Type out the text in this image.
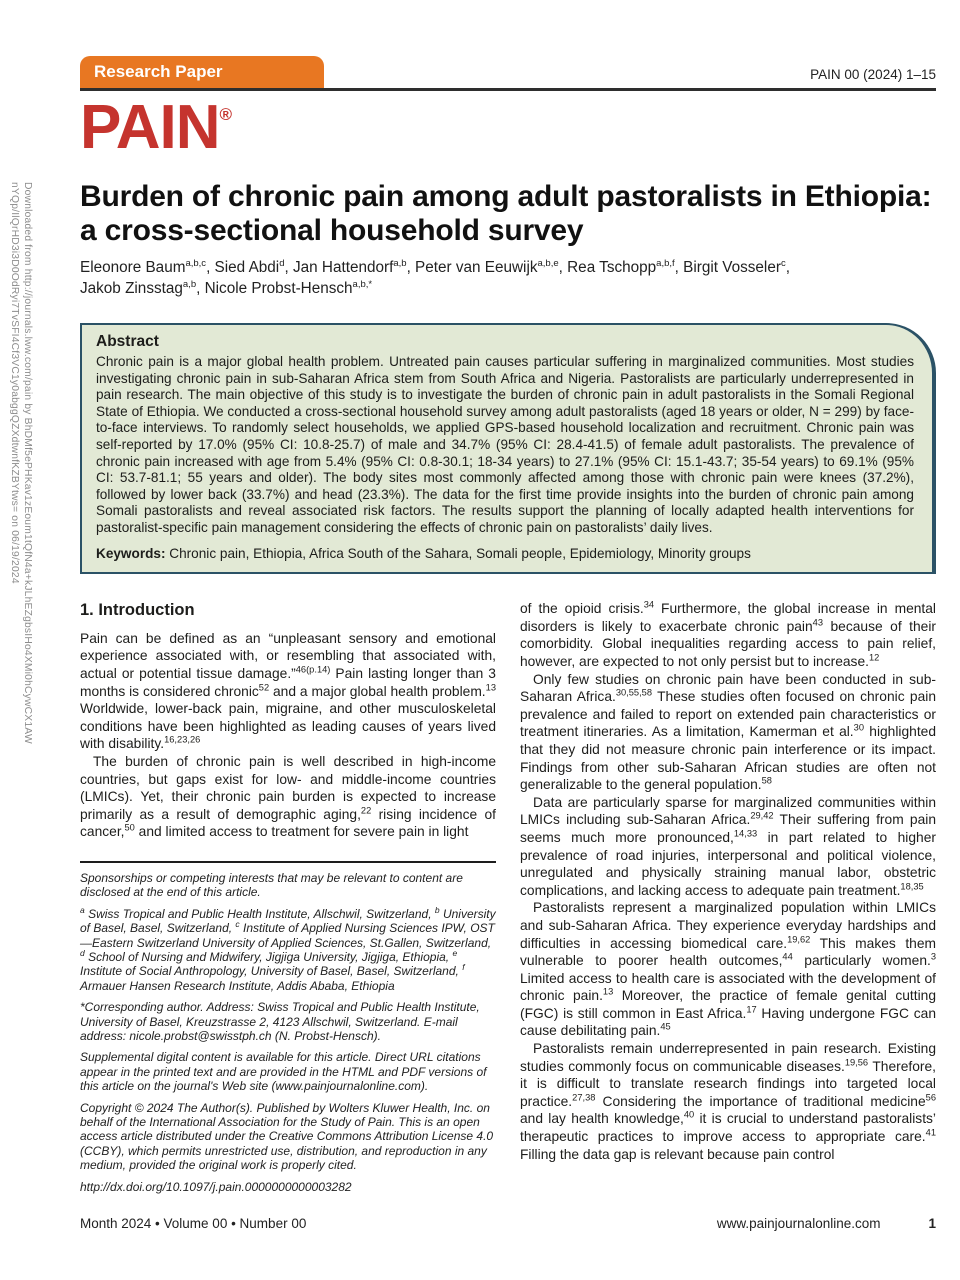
Downloaded from http://journals.lww.com/pain by BhDMf5ePHKav1zEoum1tQfN4a+kJLhEZgbsIHo4XMi0hCywCX1AW
nYQp/IlQrHD3i3D0OdRyi7TvSFI4Cf3VC1y0abggQZXdtwnfKZBYtws= on 06/19/2024
Research Paper	PAIN 00 (2024) 1–15
PAIN®
Burden of chronic pain among adult pastoralists in Ethiopia: a cross-sectional household survey
Eleonore Baum$^{a,b,c}$, Sied Abdi$^d$, Jan Hattendorf$^{a,b}$, Peter van Eeuwijk$^{a,b,e}$, Rea Tschopp$^{a,b,f}$, Birgit Vosseler$^c$,
Jakob Zinsstag$^{a,b}$, Nicole Probst-Hensch$^{a,b,*}$

Abstract

Chronic pain is a major global health problem. Untreated pain causes particular suffering in marginalized communities. Most studies investigating chronic pain in sub-Saharan Africa stem from South Africa and Nigeria. Pastoralists are particularly underrepresented in pain research. The main objective of this study is to investigate the burden of chronic pain in adult pastoralists in the Somali Regional State of Ethiopia. We conducted a cross-sectional household survey among adult pastoralists (aged 18 years or older, N = 299) by face-to-face interviews. To randomly select households, we applied GPS-based household localization and recruitment. Chronic pain was self-reported by 17.0% (95% CI: 10.8-25.7) of male and 34.7% (95% CI: 28.4-41.5) of female adult pastoralists. The prevalence of chronic pain increased with age from 5.4% (95% CI: 0.8-30.1; 18-34 years) to 27.1% (95% CI: 15.1-43.7; 35-54 years) to 69.1% (95% CI: 53.7-81.1; 55 years and older). The body sites most commonly affected among those with chronic pain were knees (37.2%), followed by lower back (33.7%) and head (23.3%). The data for the first time provide insights into the burden of chronic pain among Somali pastoralists and reveal associated risk factors. The results support the planning of locally adapted health interventions for pastoralist-specific pain management considering the effects of chronic pain on pastoralists’ daily lives.

Keywords: Chronic pain, Ethiopia, Africa South of the Sahara, Somali people, Epidemiology, Minority groups

1. Introduction

Pain can be defined as an “unpleasant sensory and emotional experience associated with, or resembling that associated with, actual or potential tissue damage.”$^{46(p.14)}$ Pain lasting longer than 3 months is considered chronic$^{52}$ and a major global health problem.$^{13}$ Worldwide, lower-back pain, migraine, and other musculoskeletal conditions have been highlighted as leading causes of years lived with disability.$^{16,23,26}$

The burden of chronic pain is well described in high-income countries, but gaps exist for low- and middle-income countries (LMICs). Yet, their chronic pain burden is expected to increase primarily as a result of demographic aging,$^{22}$ rising incidence of cancer,$^{50}$ and limited access to treatment for severe pain in light

Sponsorships or competing interests that may be relevant to content are disclosed at the end of this article.

$^a$ Swiss Tropical and Public Health Institute, Allschwil, Switzerland, $^b$ University of Basel, Basel, Switzerland, $^c$ Institute of Applied Nursing Sciences IPW, OST—Eastern Switzerland University of Applied Sciences, St.Gallen, Switzerland, $^d$ School of Nursing and Midwifery, Jigjiga University, Jigjiga, Ethiopia, $^e$ Institute of Social Anthropology, University of Basel, Basel, Switzerland, $^f$ Armauer Hansen Research Institute, Addis Ababa, Ethiopia

*Corresponding author. Address: Swiss Tropical and Public Health Institute, University of Basel, Kreuzstrasse 2, 4123 Allschwil, Switzerland. E-mail address: nicole.probst@swisstph.ch (N. Probst-Hensch).

Supplemental digital content is available for this article. Direct URL citations appear in the printed text and are provided in the HTML and PDF versions of this article on the journal's Web site (www.painjournalonline.com).

Copyright © 2024 The Author(s). Published by Wolters Kluwer Health, Inc. on behalf of the International Association for the Study of Pain. This is an open access article distributed under the Creative Commons Attribution License 4.0 (CCBY), which permits unrestricted use, distribution, and reproduction in any medium, provided the original work is properly cited.

http://dx.doi.org/10.1097/j.pain.0000000000003282

of the opioid crisis.$^{34}$ Furthermore, the global increase in mental disorders is likely to exacerbate chronic pain$^{43}$ because of their comorbidity. Global inequalities regarding access to pain relief, however, are expected to not only persist but to increase.$^{12}$

Only few studies on chronic pain have been conducted in sub-Saharan Africa.$^{30,55,58}$ These studies often focused on chronic pain prevalence and failed to report on extended pain characteristics or treatment itineraries. As a limitation, Kamerman et al.$^{30}$ highlighted that they did not measure chronic pain interference or its impact. Findings from other sub-Saharan African studies are often not generalizable to the general population.$^{58}$

Data are particularly sparse for marginalized communities within LMICs including sub-Saharan Africa.$^{29,42}$ Their suffering from pain seems much more pronounced,$^{14,33}$ in part related to higher prevalence of road injuries, interpersonal and political violence, unregulated and physically straining manual labor, obstetric complications, and lacking access to adequate pain treatment.$^{18,35}$

Pastoralists represent a marginalized population within LMICs and sub-Saharan Africa. They experience everyday hardships and difficulties in accessing biomedical care.$^{19,62}$ This makes them vulnerable to poorer health outcomes,$^{44}$ particularly women.$^3$ Limited access to health care is associated with the development of chronic pain.$^{13}$ Moreover, the practice of female genital cutting (FGC) is still common in East Africa.$^{17}$ Having undergone FGC can cause debilitating pain.$^{45}$

Pastoralists remain underrepresented in pain research. Existing studies commonly focus on communicable diseases.$^{19,56}$ Therefore, it is difficult to translate research findings into targeted local practice.$^{27,38}$ Considering the importance of traditional medicine$^{56}$ and lay health knowledge,$^{40}$ it is crucial to understand pastoralists’ therapeutic practices to improve access to appropriate care.$^{41}$ Filling the data gap is relevant because pain control

Month 2024 • Volume 00 • Number 00	www.painjournalonline.com	1
